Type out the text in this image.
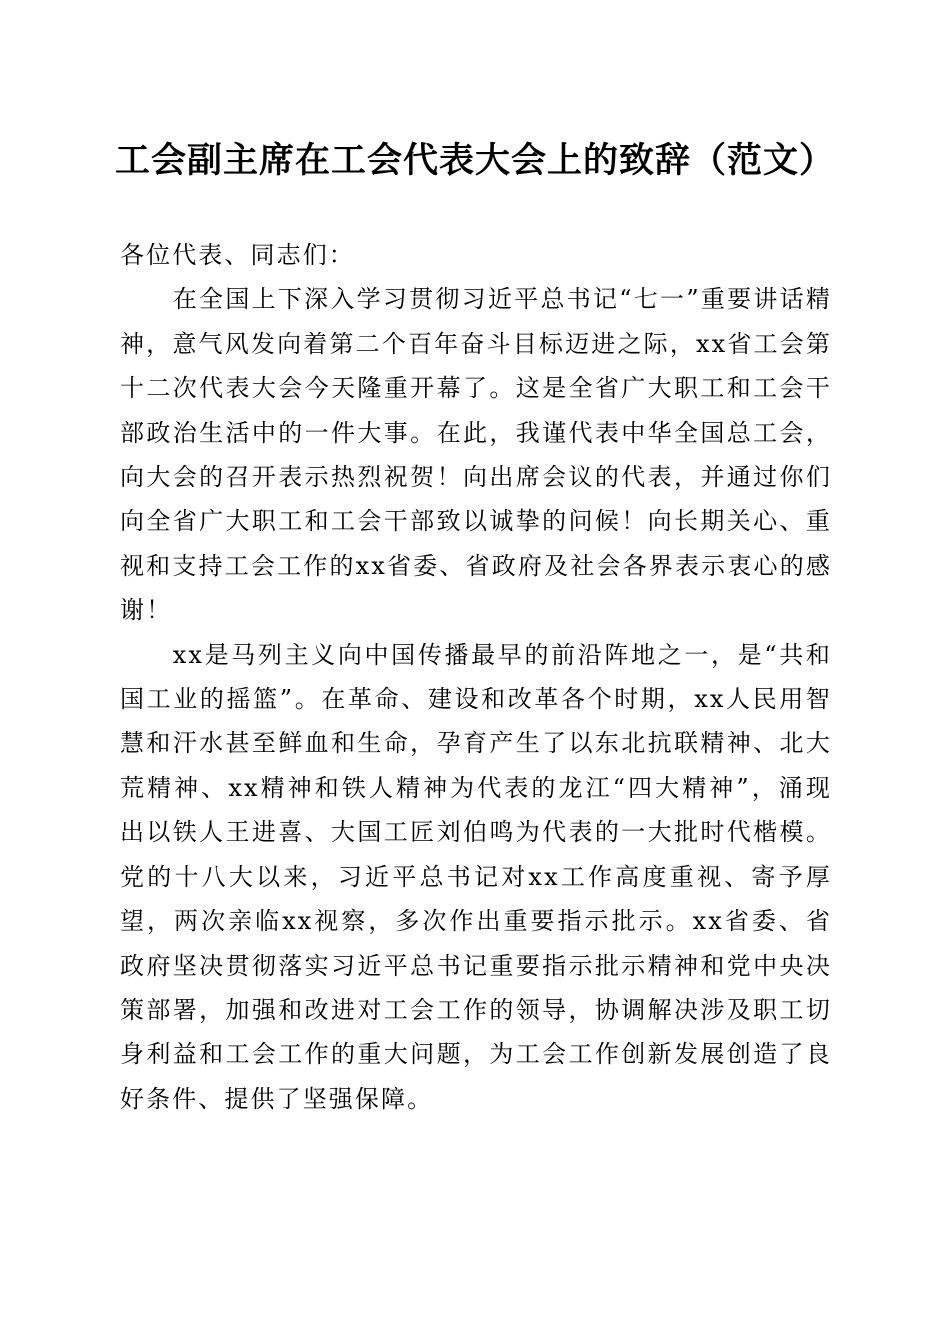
工会副主席在工会代表大会上的致辞（范文）

各位代表、同志们：

在全国上下深入学习贯彻习近平总书记“七一”重要讲话精神，意气风发向着第二个百年奋斗目标迈进之际，xx省工会第十二次代表大会今天隆重开幕了。这是全省广大职工和工会干部政治生活中的一件大事。在此，我谨代表中华全国总工会，向大会的召开表示热烈祝贺！向出席会议的代表，并通过你们向全省广大职工和工会干部致以诚挚的问候！向长期关心、重视和支持工会工作的xx省委、省政府及社会各界表示衷心的感谢！

xx是马列主义向中国传播最早的前沿阵地之一，是“共和国工业的摇篮”。在革命、建设和改革各个时期，xx人民用智慧和汗水甚至鲜血和生命，孕育产生了以东北抗联精神、北大荒精神、xx精神和铁人精神为代表的龙江“四大精神”，涌现出以铁人王进喜、大国工匠刘伯鸣为代表的一大批时代楷模。党的十八大以来，习近平总书记对xx工作高度重视、寄予厚望，两次亲临xx视察，多次作出重要指示批示。xx省委、省政府坚决贯彻落实习近平总书记重要指示批示精神和党中央决策部署，加强和改进对工会工作的领导，协调解决涉及职工切身利益和工会工作的重大问题，为工会工作创新发展创造了良好条件、提供了坚强保障。
